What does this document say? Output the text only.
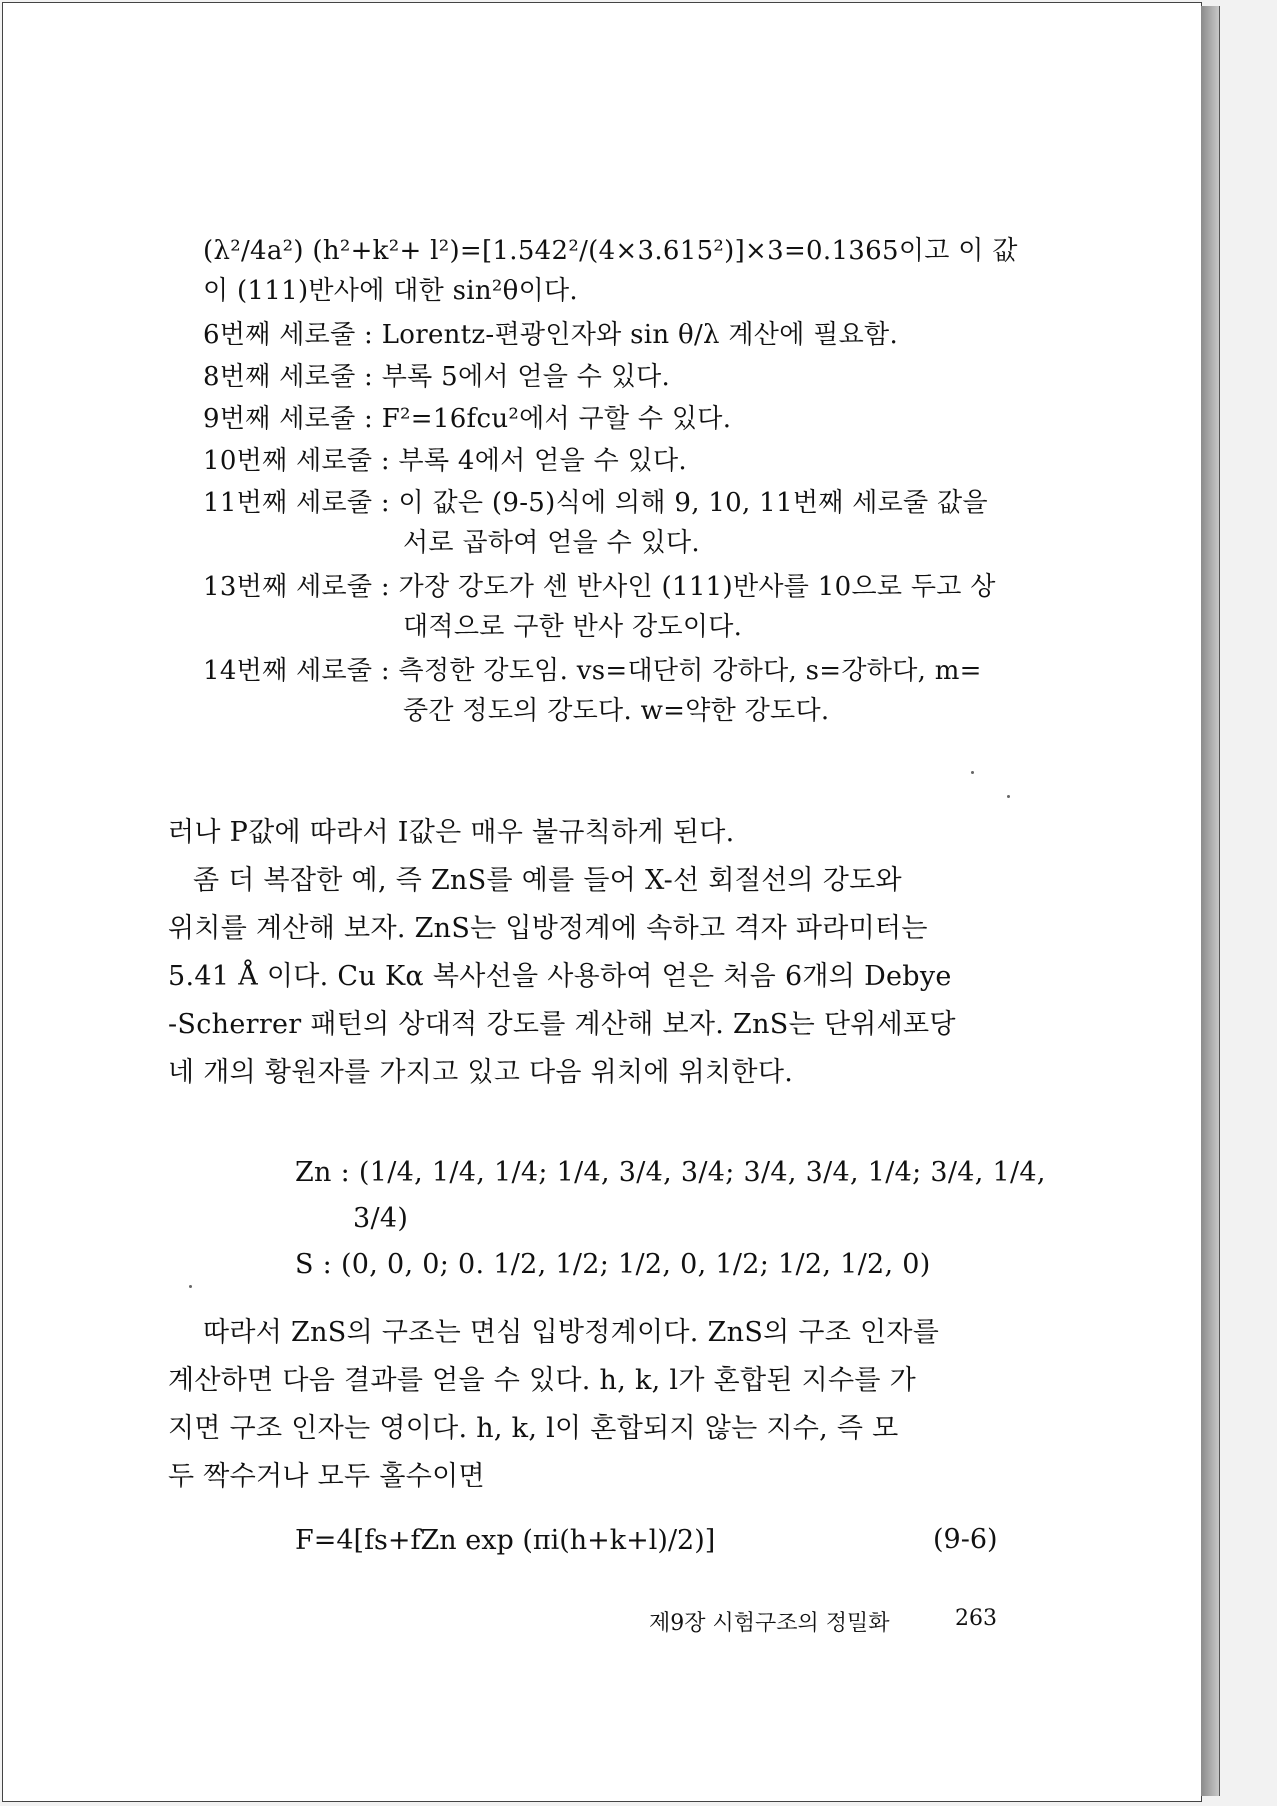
(λ²/4a²) (h²+k²+ l²)=[1.542²/(4×3.615²)]×3=0.1365이고 이 값
이 (111)반사에 대한 sin²θ이다.
6번째 세로줄 : Lorentz-편광인자와 sin θ/λ 계산에 필요함.
8번째 세로줄 : 부록 5에서 얻을 수 있다.
9번째 세로줄 : F²=16fcu²에서 구할 수 있다.
10번째 세로줄 : 부록 4에서 얻을 수 있다.
11번째 세로줄 : 이 값은 (9-5)식에 의해 9, 10, 11번째 세로줄 값을
서로 곱하여 얻을 수 있다.
13번째 세로줄 : 가장 강도가 센 반사인 (111)반사를 10으로 두고 상
대적으로 구한 반사 강도이다.
14번째 세로줄 : 측정한 강도임. vs=대단히 강하다, s=강하다, m=
중간 정도의 강도다. w=약한 강도다.
러나 P값에 따라서 I값은 매우 불규칙하게 된다.
좀 더 복잡한 예, 즉 ZnS를 예를 들어 X-선 회절선의 강도와
위치를 계산해 보자. ZnS는 입방정계에 속하고 격자 파라미터는
5.41 Å 이다. Cu Kα 복사선을 사용하여 얻은 처음 6개의 Debye
-Scherrer 패턴의 상대적 강도를 계산해 보자. ZnS는 단위세포당
네 개의 황원자를 가지고 있고 다음 위치에 위치한다.
Zn : (1/4, 1/4, 1/4; 1/4, 3/4, 3/4; 3/4, 3/4, 1/4; 3/4, 1/4,
3/4)
S : (0, 0, 0; 0. 1/2, 1/2; 1/2, 0, 1/2; 1/2, 1/2, 0)
따라서 ZnS의 구조는 면심 입방정계이다. ZnS의 구조 인자를
계산하면 다음 결과를 얻을 수 있다. h, k, l가 혼합된 지수를 가
지면 구조 인자는 영이다. h, k, l이 혼합되지 않는 지수, 즉 모
두 짝수거나 모두 홀수이면
F=4[fs+fZn exp (πi(h+k+l)/2)]	(9-6)
제9장 시험구조의 정밀화	263
